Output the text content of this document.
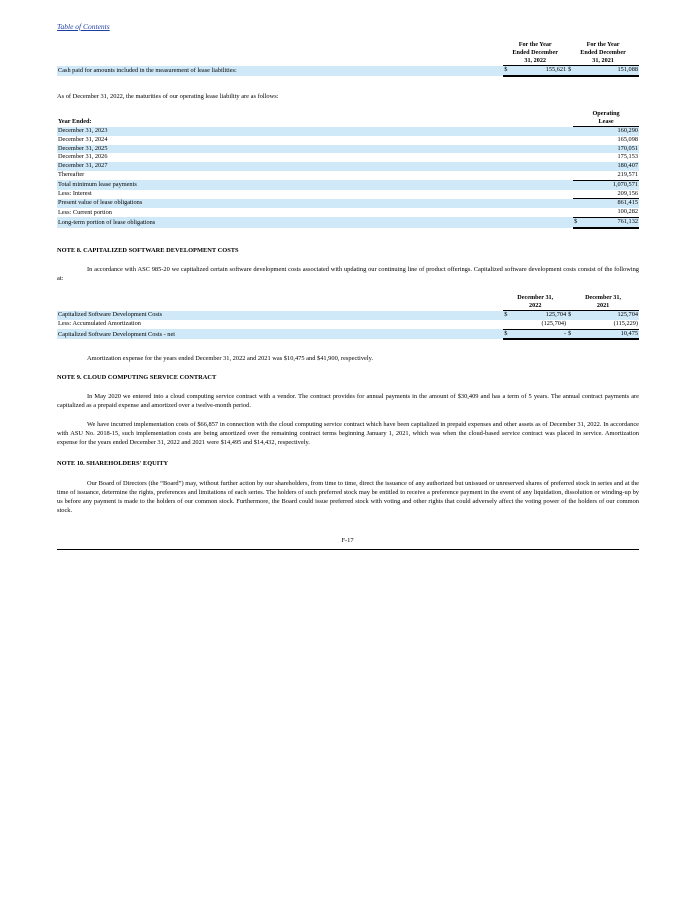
Table of Contents
	For the Year
Ended December
31, 2022		For the Year
Ended December
31, 2021	
Cash paid for amounts included in the measurement of lease liabilities:	$	155,621	$	151,088

As of December 31, 2022, the maturities of our operating lease liability are as follows:

Year Ended:	Operating
Lease	
December 31, 2023		160,290
December 31, 2024		165,098
December 31, 2025		170,051
December 31, 2026		175,153
December 31, 2027		180,407
Thereafter		219,571
Total minimum lease payments		1,070,571
Less: Interest		209,156
Present value of lease obligations		861,415
Less: Current portion		100,282
Long-term portion of lease obligations	$	761,132
NOTE 8. CAPITALIZED SOFTWARE DEVELOPMENT COSTS

In accordance with ASC 985-20 we capitalized certain software development costs associated with updating our continuing line of product offerings. Capitalized software development costs consist of the following at:

	December 31,
2022		December 31,
2021	
Capitalized Software Development Costs	$	125,704	$	125,704
Less: Accumulated Amortization		(125,704)		(115,229)
Capitalized Software Development Costs - net	$	-	$	10,475

Amortization expense for the years ended December 31, 2022 and 2021 was $10,475 and $41,900, respectively.

NOTE 9. CLOUD COMPUTING SERVICE CONTRACT

In May 2020 we entered into a cloud computing service contract with a vendor. The contract provides for annual payments in the amount of $30,409 and has a term of 5 years. The annual contract payments are capitalized as a prepaid expense and amortized over a twelve-month period.

We have incurred implementation costs of $66,857 in connection with the cloud computing service contract which have been capitalized in prepaid expenses and other assets as of December 31, 2022. In accordance with ASU No. 2018-15, such implementation costs are being amortized over the remaining contract terms beginning January 1, 2021, which was when the cloud-based service contract was placed in service. Amortization expense for the years ended December 31, 2022 and 2021 were $14,495 and $14,432, respectively.

NOTE 10. SHAREHOLDERS' EQUITY

Our Board of Directors (the “Board”) may, without further action by our shareholders, from time to time, direct the issuance of any authorized but unissued or unreserved shares of preferred stock in series and at the time of issuance, determine the rights, preferences and limitations of each series. The holders of such preferred stock may be entitled to receive a preference payment in the event of any liquidation, dissolution or winding-up by us before any payment is made to the holders of our common stock. Furthermore, the Board could issue preferred stock with voting and other rights that could adversely affect the voting power of the holders of our common stock.

F-17
